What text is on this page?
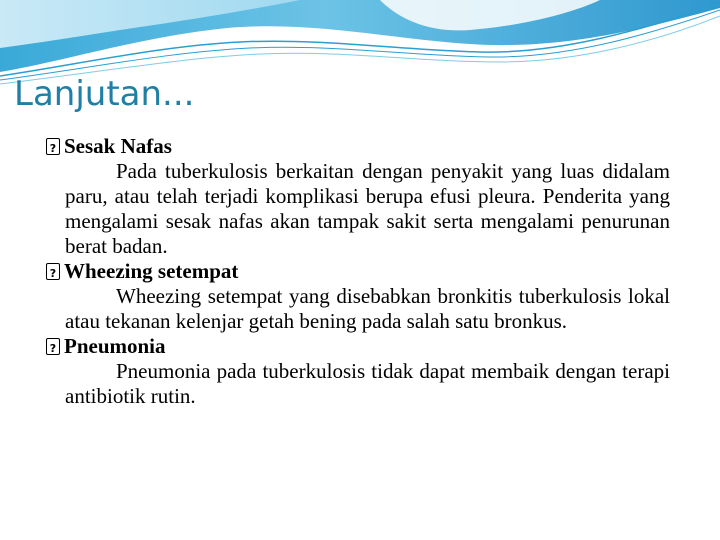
Lanjutan...
?
Sesak Nafas

Pada tuberkulosis berkaitan dengan penyakit yang luas didalam paru, atau telah terjadi komplikasi berupa efusi pleura. Penderita yang mengalami sesak nafas akan tampak sakit serta mengalami penurunan berat badan.

?
Wheezing setempat

Wheezing setempat yang disebabkan bronkitis tuberkulosis lokal atau tekanan kelenjar getah bening pada salah satu bronkus.

?
Pneumonia

Pneumonia pada tuberkulosis tidak dapat membaik dengan terapi antibiotik rutin.
